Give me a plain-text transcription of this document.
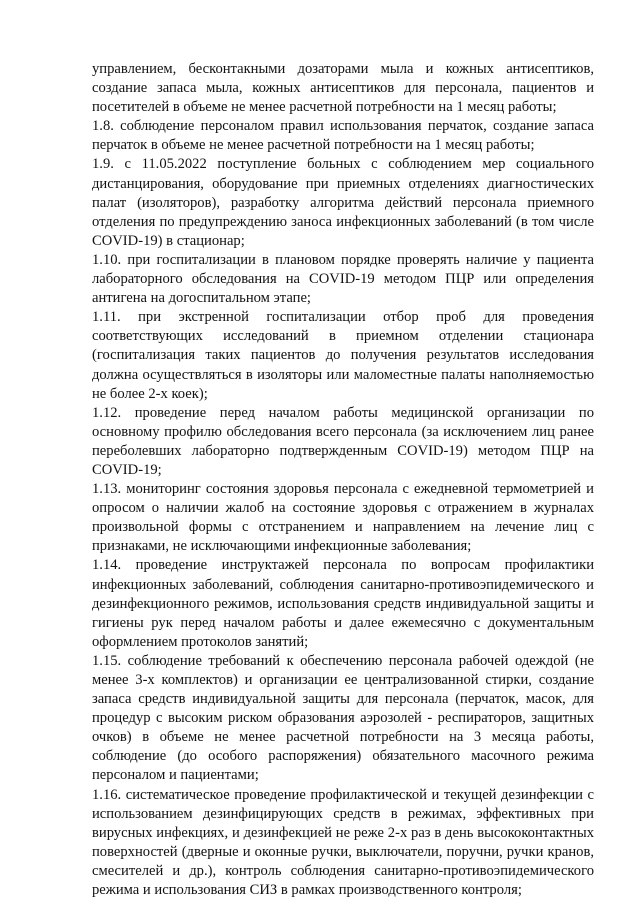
управлением, бесконтакными дозаторами мыла и кожных антисептиков, создание запаса мыла, кожных антисептиков для персонала, пациентов и посетителей в объеме не менее расчетной потребности на 1 месяц работы;

1.8. соблюдение персоналом правил использования перчаток, создание запаса перчаток в объеме не менее расчетной потребности на 1 месяц работы;

1.9. с 11.05.2022 поступление больных с соблюдением мер социального дистанцирования, оборудование при приемных отделениях диагностических палат (изоляторов), разработку алгоритма действий персонала приемного отделения по предупреждению заноса инфекционных заболеваний (в том числе COVID-19) в стационар;

1.10. при госпитализации в плановом порядке проверять наличие у пациента лабораторного обследования на COVID-19 методом ПЦР или определения антигена на догоспитальном этапе;

1.11. при экстренной госпитализации отбор проб для проведения соответствующих исследований в приемном отделении стационара (госпитализация таких пациентов до получения результатов исследования должна осуществляться в изоляторы или маломестные палаты наполняемостью не более 2-х коек);

1.12. проведение перед началом работы медицинской организации по основному профилю обследования всего персонала (за исключением лиц ранее переболевших лабораторно подтвержденным COVID-19) методом ПЦР на COVID-19;

1.13. мониторинг состояния здоровья персонала с ежедневной термометрией и опросом о наличии жалоб на состояние здоровья с отражением в журналах произвольной формы с отстранением и направлением на лечение лиц с признаками, не исключающими инфекционные заболевания;

1.14. проведение инструктажей персонала по вопросам профилактики инфекционных заболеваний, соблюдения санитарно-противоэпидемического и дезинфекционного режимов, использования средств индивидуальной защиты и гигиены рук перед началом работы и далее ежемесячно с документальным оформлением протоколов занятий;

1.15. соблюдение требований к обеспечению персонала рабочей одеждой (не менее 3-х комплектов) и организации ее централизованной стирки, создание запаса средств индивидуальной защиты для персонала (перчаток, масок, для процедур с высоким риском образования аэрозолей - респираторов, защитных очков) в объеме не менее расчетной потребности на 3 месяца работы, соблюдение (до особого распоряжения) обязательного масочного режима персоналом и пациентами;

1.16. систематическое проведение профилактической и текущей дезинфекции с использованием дезинфицирующих средств в режимах, эффективных при вирусных инфекциях, и дезинфекцией не реже 2-х раз в день высококонтактных поверхностей (дверные и оконные ручки, выключатели, поручни, ручки кранов, смесителей и др.), контроль соблюдения санитарно-противоэпидемического режима и использования СИЗ в рамках производственного контроля;
